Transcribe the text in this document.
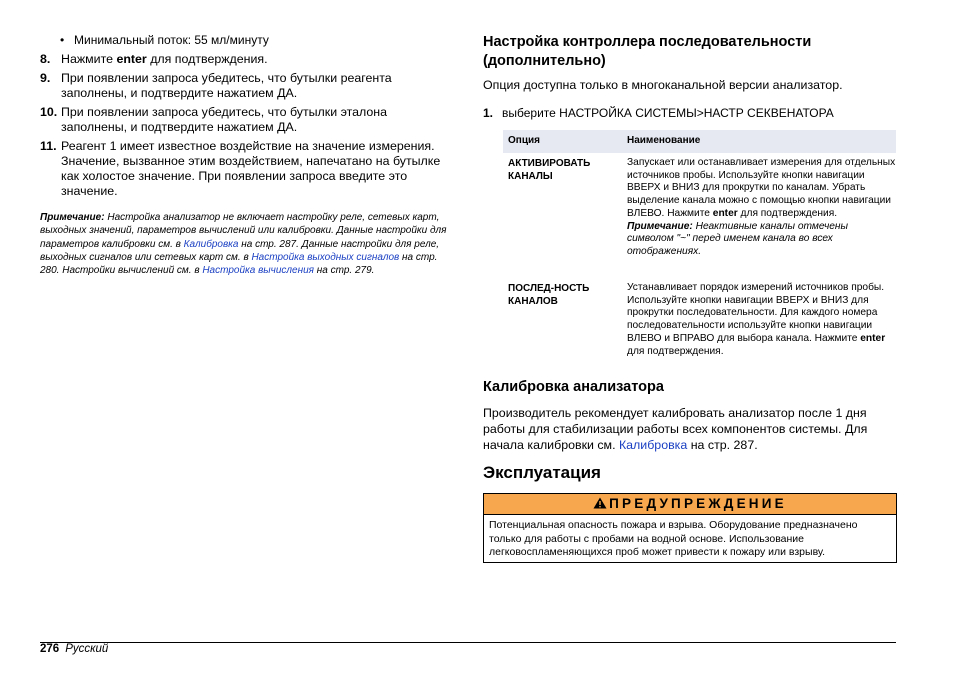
• Минимальный поток: 55 мл/минуту
8. Нажмите enter для подтверждения.
9. При появлении запроса убедитесь, что бутылки реагента заполнены, и подтвердите нажатием ДА.
10. При появлении запроса убедитесь, что бутылки эталона заполнены, и подтвердите нажатием ДА.
11. Реагент 1 имеет известное воздействие на значение измерения. Значение, вызванное этим воздействием, напечатано на бутылке как холостое значение. При появлении запроса введите это значение.
Примечание: Настройка анализатор не включает настройку реле, сетевых карт, выходных значений, параметров вычислений или калибровки. Данные настройки для параметров калибровки см. в Калибровка на стр. 287. Данные настройки для реле, выходных сигналов или сетевых карт см. в Настройка выходных сигналов на стр. 280. Настройки вычислений см. в Настройка вычисления на стр. 279.
Настройка контроллера последовательности (дополнительно)
Опция доступна только в многоканальной версии анализатор.
1. выберите НАСТРОЙКА СИСТЕМЫ>НАСТР СЕКВЕНАТОРА
Опция	Наименование
АКТИВИРОВАТЬ КАНАЛЫ
Запускает или останавливает измерения для отдельных источников пробы. Используйте кнопки навигации ВВЕРХ и ВНИЗ для прокрутки по каналам. Убрать выделение канала можно с помощью кнопки навигации ВЛЕВО. Нажмите enter для подтверждения.
Примечание: Неактивные каналы отмечены символом "~" перед именем канала во всех отображениях.
ПОСЛЕД-НОСТЬ КАНАЛОВ
Устанавливает порядок измерений источников пробы. Используйте кнопки навигации ВВЕРХ и ВНИЗ для прокрутки последовательности. Для каждого номера последовательности используйте кнопки навигации ВЛЕВО и ВПРАВО для выбора канала. Нажмите enter для подтверждения.
Калибровка анализатора
Производитель рекомендует калибровать анализатор после 1 дня работы для стабилизации работы всех компонентов системы. Для начала калибровки см. Калибровка на стр. 287.
Эксплуатация
ПРЕДУПРЕЖДЕНИЕ
Потенциальная опасность пожара и взрыва. Оборудование предназначено только для работы с пробами на водной основе. Использование легковоспламеняющихся проб может привести к пожару или взрыву.
276 Русский
